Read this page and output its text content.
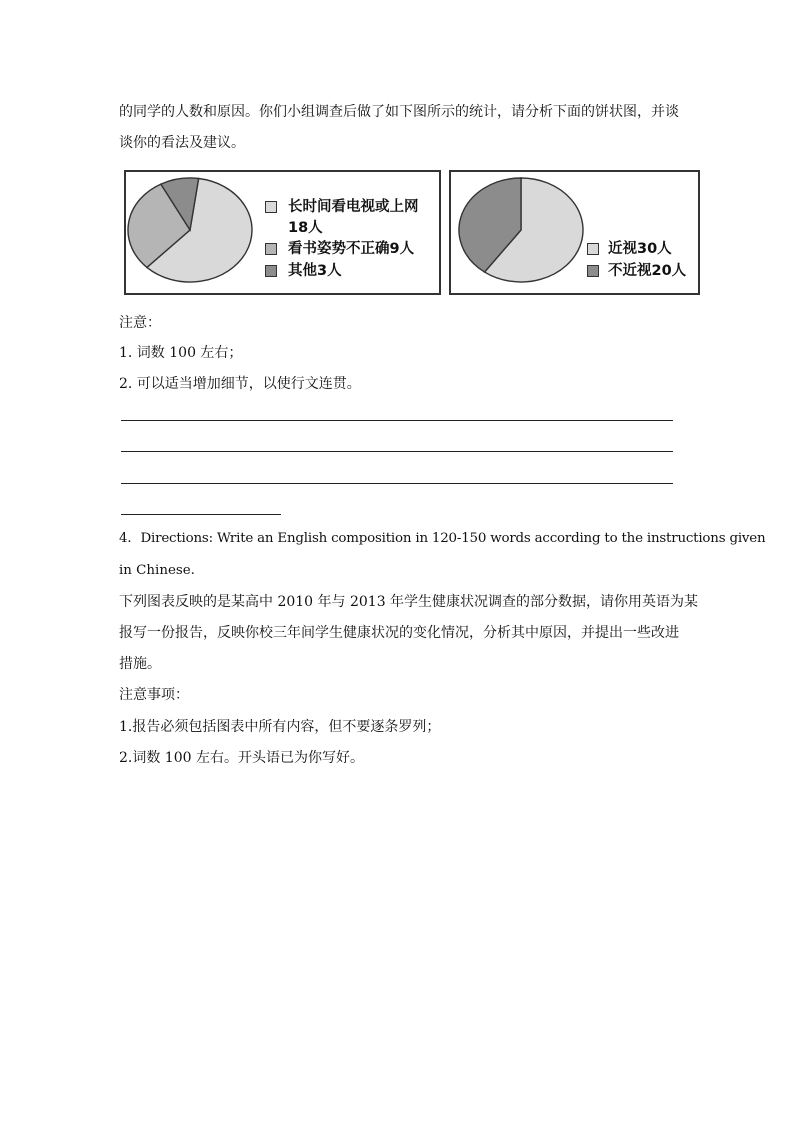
的同学的人数和原因。你们小组调查后做了如下图所示的统计，请分析下面的饼状图，并谈
谈你的看法及建议。
长时间看电视或上网
18人
看书姿势不正确9人
其他3人
近视30人
不近视20人
注意：
1. 词数 100 左右；
2. 可以适当增加细节，以使行文连贯。
4．Directions: Write an English composition in 120-150 words according to the instructions given
in Chinese.
下列图表反映的是某高中 2010 年与 2013 年学生健康状况调查的部分数据，请你用英语为某
报写一份报告，反映你校三年间学生健康状况的变化情况，分析其中原因，并提出一些改进
措施。
注意事项：
1.报告必须包括图表中所有内容，但不要逐条罗列；
2.词数 100 左右。开头语已为你写好。
